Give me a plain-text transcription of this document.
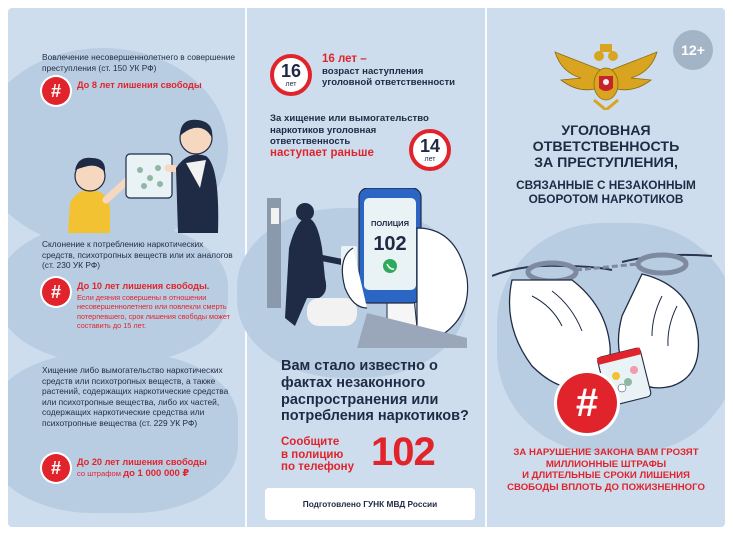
Вовлечение несовершеннолетнего в совершение преступления (ст. 150 УК РФ)
#	До 8 лет лишения свободы
Склонение к потреблению наркотических средств, психотропных веществ или их аналогов (ст. 230 УК РФ)
#	До 10 лет лишения свободы.
Если деяния совершены в отношении несовершеннолетнего или повлекли смерть потерпевшего, срок лишения свободы может составить до 15 лет.
Хищение либо вымогательство наркотических средств или психотропных веществ, а также растений, содержащих наркотические средства или психотропные вещества, либо их частей, содержащих наркотические средства или психотропные вещества (ст. 229 УК РФ)
#	До 20 лет лишения свободы
со штрафом до 1 000 000 ₽
16
лет
16 лет –
возраст наступления
уголовной ответственности
За хищение или вымогательство
наркотиков уголовная
ответственность
наступает раньше	14
лет
ПОЛИЦИЯ
102
Вам стало известно о фактах незаконного распространения или потребления наркотиков?
Сообщите
в полицию
по телефону 102
Подготовлено ГУНК МВД России
12+
УГОЛОВНАЯ
ОТВЕТСТВЕННОСТЬ
ЗА ПРЕСТУПЛЕНИЯ,
СВЯЗАННЫЕ С НЕЗАКОННЫМ
ОБОРОТОМ НАРКОТИКОВ
#
ЗА НАРУШЕНИЕ ЗАКОНА ВАМ ГРОЗЯТ
МИЛЛИОННЫЕ ШТРАФЫ
И ДЛИТЕЛЬНЫЕ СРОКИ ЛИШЕНИЯ
СВОБОДЫ ВПЛОТЬ ДО ПОЖИЗНЕННОГО
